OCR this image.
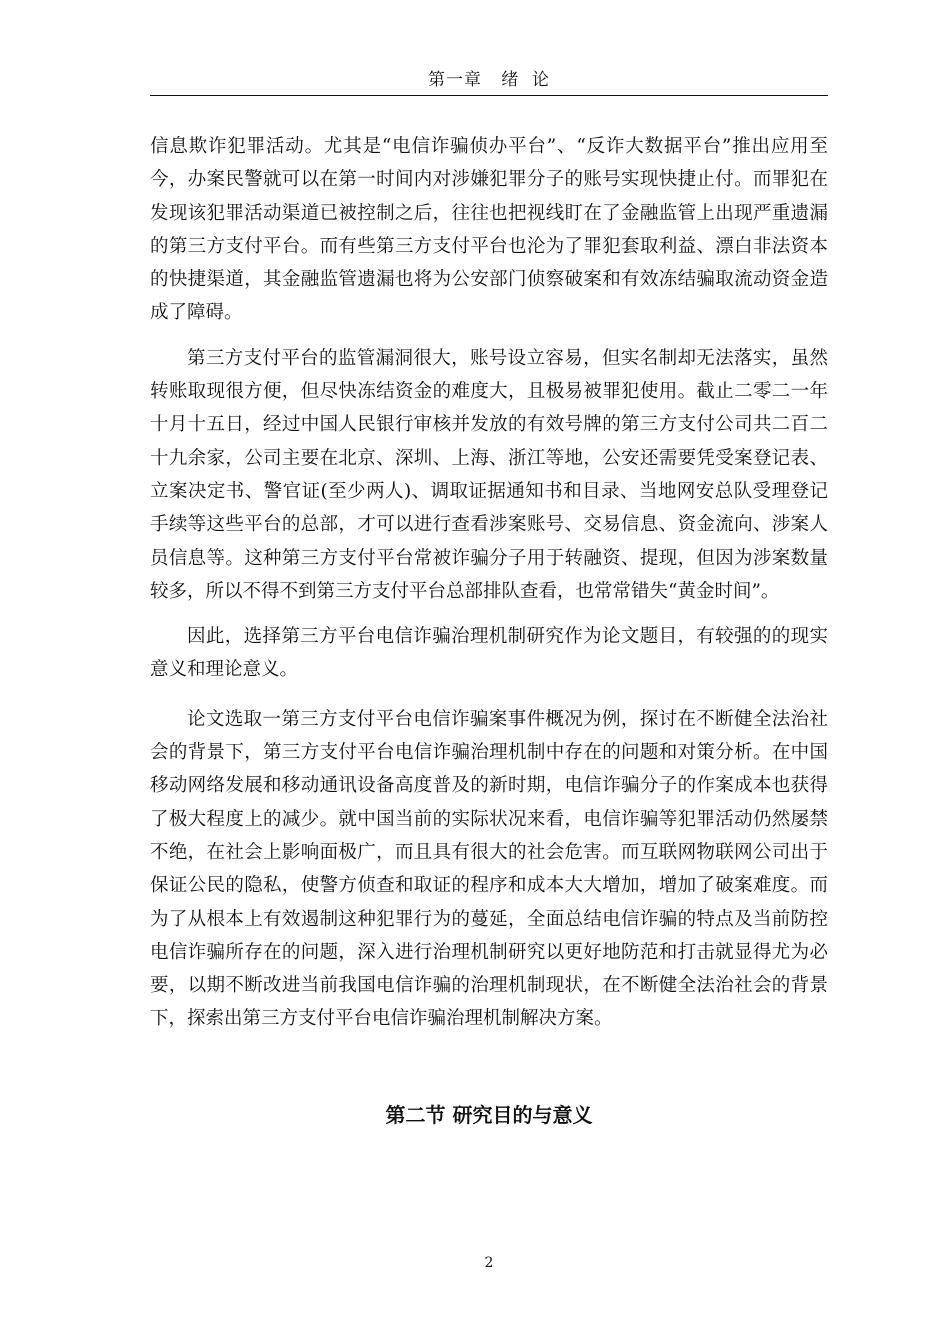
第一章   绪  论

信息欺诈犯罪活动。尤其是“电信诈骗侦办平台”、“反诈大数据平台”推出应用至今，办案民警就可以在第一时间内对涉嫌犯罪分子的账号实现快捷止付。而罪犯在发现该犯罪活动渠道已被控制之后，往往也把视线盯在了金融监管上出现严重遗漏的第三方支付平台。而有些第三方支付平台也沦为了罪犯套取利益、漂白非法资本的快捷渠道，其金融监管遗漏也将为公安部门侦察破案和有效冻结骗取流动资金造成了障碍。

第三方支付平台的监管漏洞很大，账号设立容易，但实名制却无法落实，虽然转账取现很方便，但尽快冻结资金的难度大，且极易被罪犯使用。截止二零二一年十月十五日，经过中国人民银行审核并发放的有效号牌的第三方支付公司共二百二十九余家，公司主要在北京、深圳、上海、浙江等地，公安还需要凭受案登记表、立案决定书、警官证(至少两人)、调取证据通知书和目录、当地网安总队受理登记手续等这些平台的总部，才可以进行查看涉案账号、交易信息、资金流向、涉案人员信息等。这种第三方支付平台常被诈骗分子用于转融资、提现，但因为涉案数量较多，所以不得不到第三方支付平台总部排队查看，也常常错失“黄金时间”。

因此，选择第三方平台电信诈骗治理机制研究作为论文题目，有较强的的现实意义和理论意义。

论文选取一第三方支付平台电信诈骗案事件概况为例，探讨在不断健全法治社会的背景下，第三方支付平台电信诈骗治理机制中存在的问题和对策分析。在中国移动网络发展和移动通讯设备高度普及的新时期，电信诈骗分子的作案成本也获得了极大程度上的减少。就中国当前的实际状况来看，电信诈骗等犯罪活动仍然屡禁不绝，在社会上影响面极广，而且具有很大的社会危害。而互联网物联网公司出于保证公民的隐私，使警方侦查和取证的程序和成本大大增加，增加了破案难度。而为了从根本上有效遏制这种犯罪行为的蔓延，全面总结电信诈骗的特点及当前防控电信诈骗所存在的问题，深入进行治理机制研究以更好地防范和打击就显得尤为必要，以期不断改进当前我国电信诈骗的治理机制现状，在不断健全法治社会的背景下，探索出第三方支付平台电信诈骗治理机制解决方案。

第二节 研究目的与意义
2
